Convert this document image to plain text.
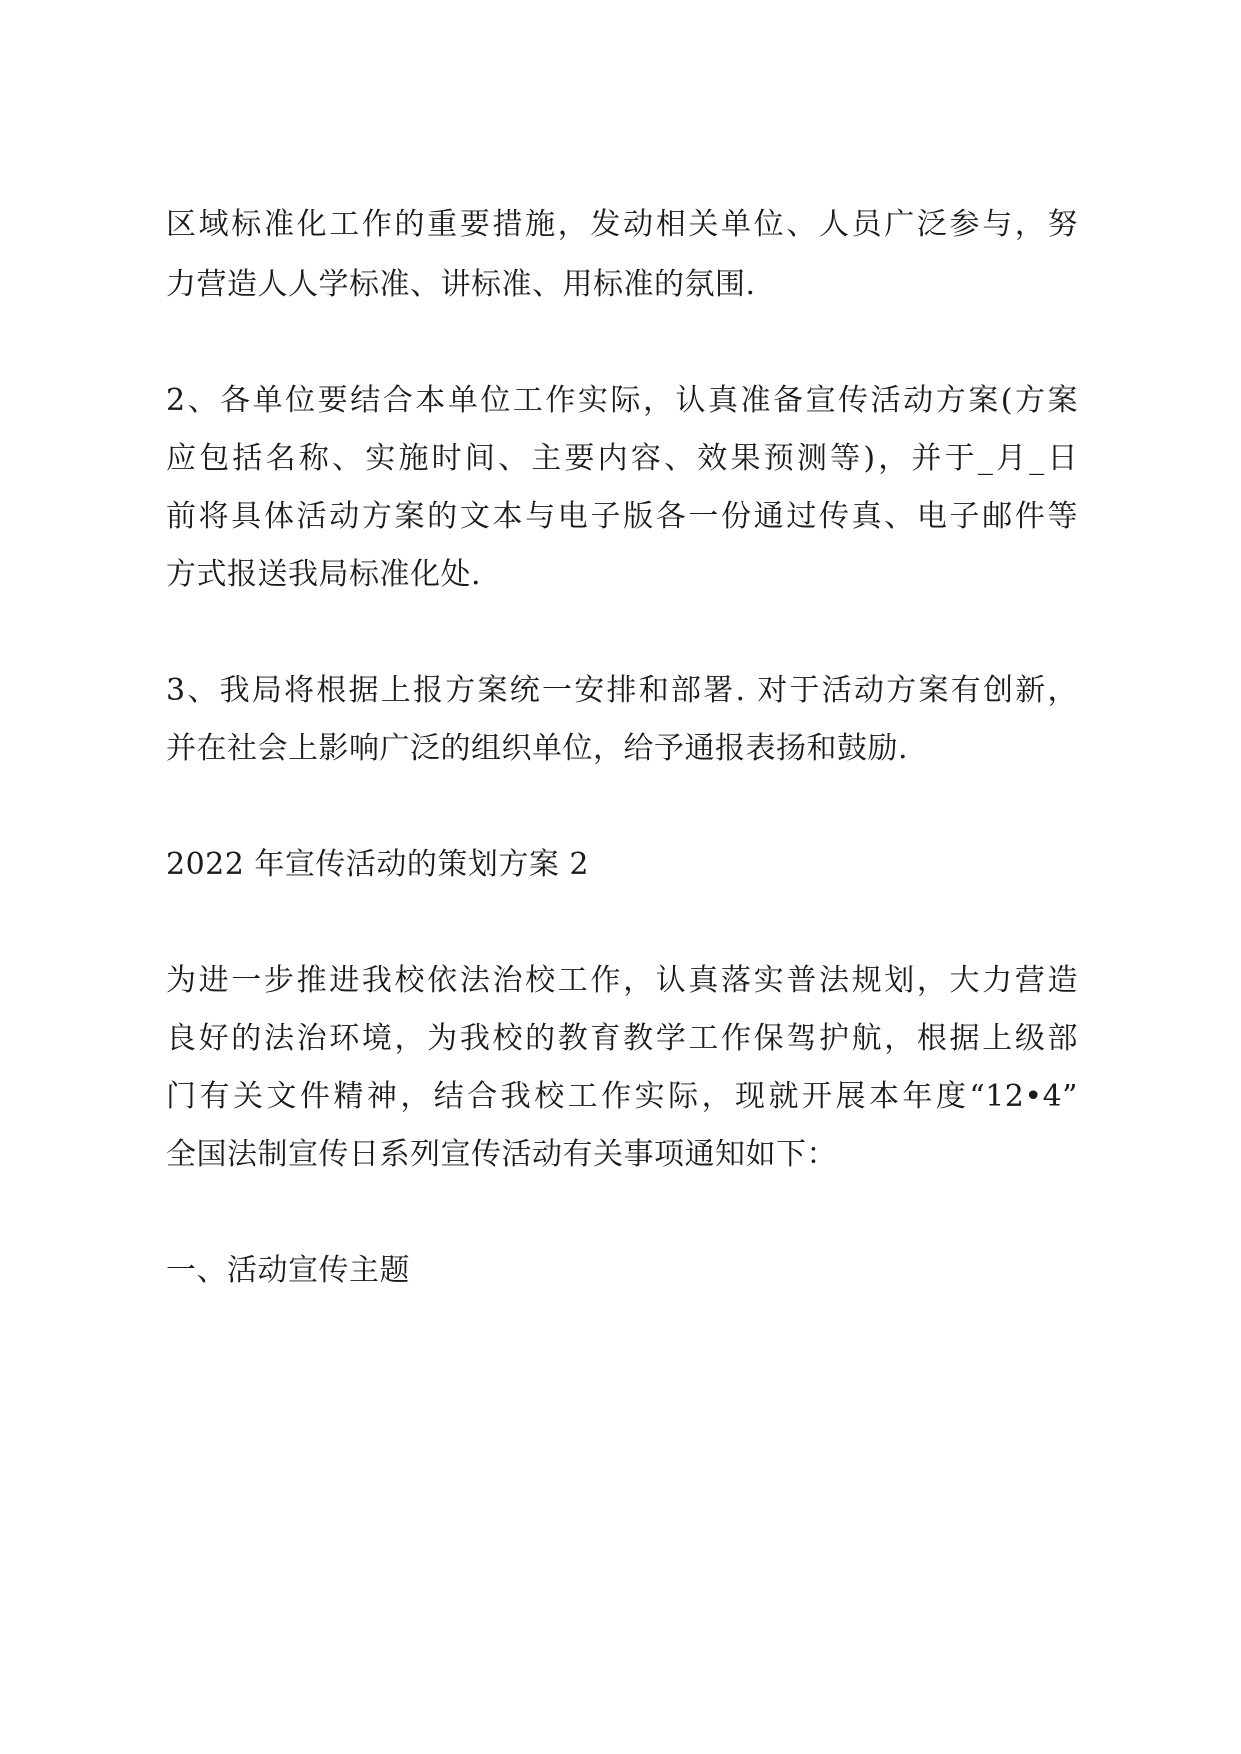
区域标准化工作的重要措施，发动相关单位、人员广泛参与，努
力营造人人学标准、讲标准、用标准的氛围.
2、各单位要结合本单位工作实际，认真准备宣传活动方案(方案
应包括名称、实施时间、主要内容、效果预测等)，并于_月_日
前将具体活动方案的文本与电子版各一份通过传真、电子邮件等
方式报送我局标准化处.
3、我局将根据上报方案统一安排和部署. 对于活动方案有创新，
并在社会上影响广泛的组织单位，给予通报表扬和鼓励.
2022 年宣传活动的策划方案 2
为进一步推进我校依法治校工作，认真落实普法规划，大力营造
良好的法治环境，为我校的教育教学工作保驾护航，根据上级部
门有关文件精神，结合我校工作实际，现就开展本年度“12•4”
全国法制宣传日系列宣传活动有关事项通知如下：
一、活动宣传主题
